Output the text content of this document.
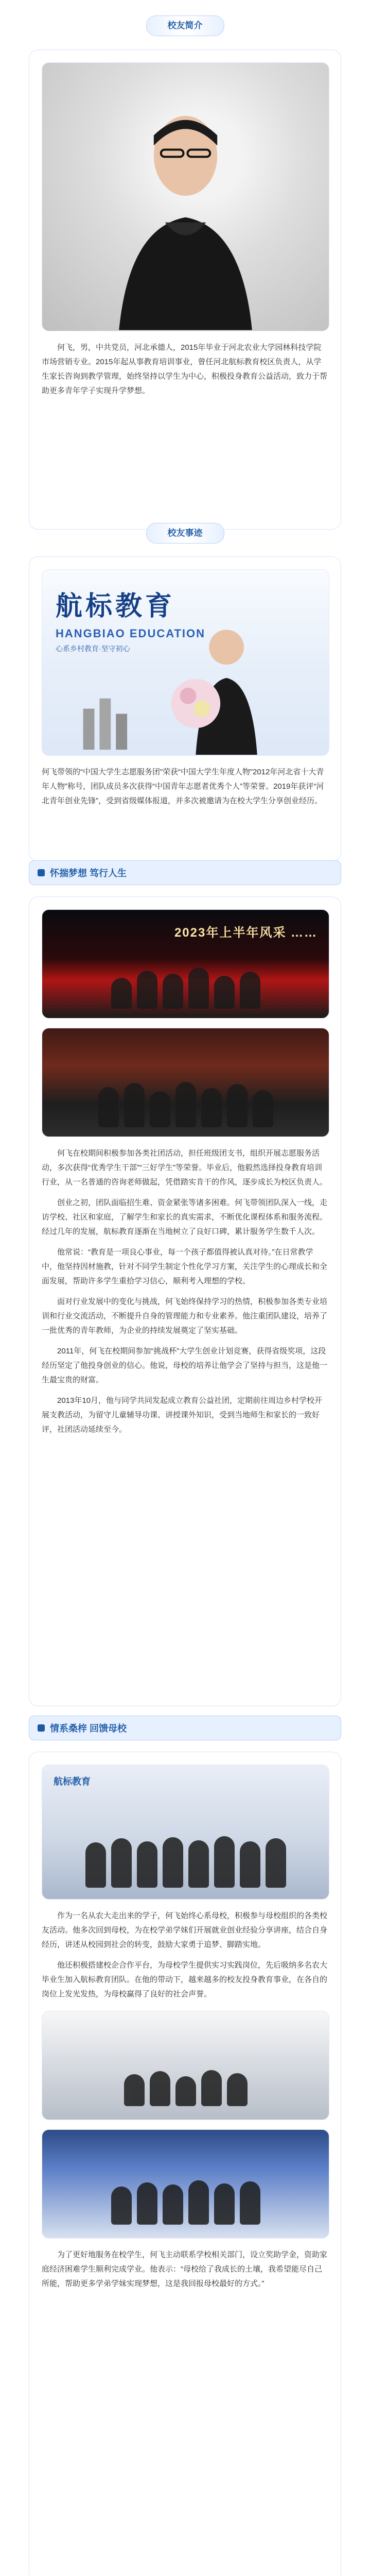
校友简介
何飞，男，中共党员，河北承德人，2015年毕业于河北农业大学园林科技学院市场营销专业。2015年起从事教育培训事业，曾任河北航标教育校区负责人，从学生家长咨询到教学管理，始终坚持以学生为中心，积极投身教育公益活动，致力于帮助更多青年学子实现升学梦想。
校友事迹
航标教育
HANGBIAO EDUCATION
心系乡村教育·坚守初心
何飞带领的“中国大学生志愿服务团”荣获“中国大学生年度人物”2012年河北省十大青年人物”称号，团队成员多次获得“中国青年志愿者优秀个人”等荣誉。2019年获评“河北青年创业先锋”，受到省级媒体报道，并多次被邀请为在校大学生分享创业经历。
怀揣梦想 笃行人生
2023年上半年风采 ……

何飞在校期间积极参加各类社团活动，担任班级团支书，组织开展志愿服务活动，多次获得“优秀学生干部”“三好学生”等荣誉。毕业后，他毅然选择投身教育培训行业，从一名普通的咨询老师做起，凭借踏实肯干的作风，逐步成长为校区负责人。

创业之初，团队面临招生难、资金紧张等诸多困难。何飞带领团队深入一线，走访学校、社区和家庭，了解学生和家长的真实需求，不断优化课程体系和服务流程。经过几年的发展，航标教育逐渐在当地树立了良好口碑，累计服务学生数千人次。

他常说：“教育是一项良心事业，每一个孩子都值得被认真对待。”在日常教学中，他坚持因材施教，针对不同学生制定个性化学习方案，关注学生的心理成长和全面发展，帮助许多学生重拾学习信心，顺利考入理想的学校。

面对行业发展中的变化与挑战，何飞始终保持学习的热情，积极参加各类专业培训和行业交流活动，不断提升自身的管理能力和专业素养。他注重团队建设，培养了一批优秀的青年教师，为企业的持续发展奠定了坚实基础。

2011年，何飞在校期间参加“挑战杯”大学生创业计划竞赛，获得省级奖项，这段经历坚定了他投身创业的信心。他说，母校的培养让他学会了坚持与担当，这是他一生最宝贵的财富。

2013年10月，他与同学共同发起成立教育公益社团，定期前往周边乡村学校开展支教活动，为留守儿童辅导功课、讲授课外知识，受到当地师生和家长的一致好评，社团活动延续至今。

情系桑梓 回馈母校
航标教育

作为一名从农大走出来的学子，何飞始终心系母校，积极参与母校组织的各类校友活动。他多次回到母校，为在校学弟学妹们开展就业创业经验分享讲座，结合自身经历，讲述从校园到社会的转变，鼓励大家勇于追梦、脚踏实地。

他还积极搭建校企合作平台，为母校学生提供实习实践岗位，先后吸纳多名农大毕业生加入航标教育团队。在他的带动下，越来越多的校友投身教育事业，在各自的岗位上发光发热，为母校赢得了良好的社会声誉。

为了更好地服务在校学生，何飞主动联系学校相关部门，设立奖助学金，资助家庭经济困难学生顺利完成学业。他表示：“母校给了我成长的土壤，我希望能尽自己所能，帮助更多学弟学妹实现梦想，这是我回报母校最好的方式。”
